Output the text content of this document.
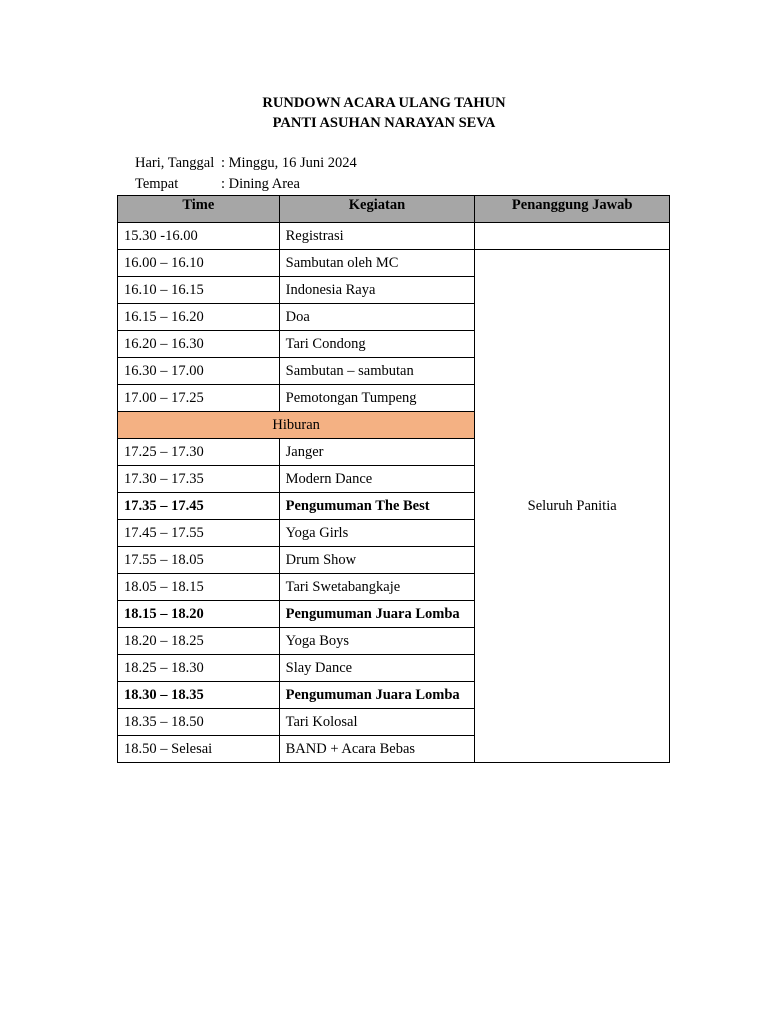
RUNDOWN ACARA ULANG TAHUN
PANTI ASUHAN NARAYAN SEVA
Hari, Tanggal : Minggu, 16 Juni 2024
Tempat	: Dining Area
Time	Kegiatan	Penanggung Jawab
15.30 -16.00	Registrasi	
16.00 – 16.10	Sambutan oleh MC	Seluruh Panitia
16.10 – 16.15	Indonesia Raya	
16.15 – 16.20	Doa	
16.20 – 16.30	Tari Condong	
16.30 – 17.00	Sambutan – sambutan	
17.00 – 17.25	Pemotongan Tumpeng	
Hiburan		
17.25 – 17.30	Janger	
17.30 – 17.35	Modern Dance	
17.35 – 17.45	Pengumuman The Best	
17.45 – 17.55	Yoga Girls	
17.55 – 18.05	Drum Show	
18.05 – 18.15	Tari Swetabangkaje	
18.15 – 18.20	Pengumuman Juara Lomba	
18.20 – 18.25	Yoga Boys	
18.25 – 18.30	Slay Dance	
18.30 – 18.35	Pengumuman Juara Lomba	
18.35 – 18.50	Tari Kolosal	
18.50 – Selesai	BAND + Acara Bebas	
